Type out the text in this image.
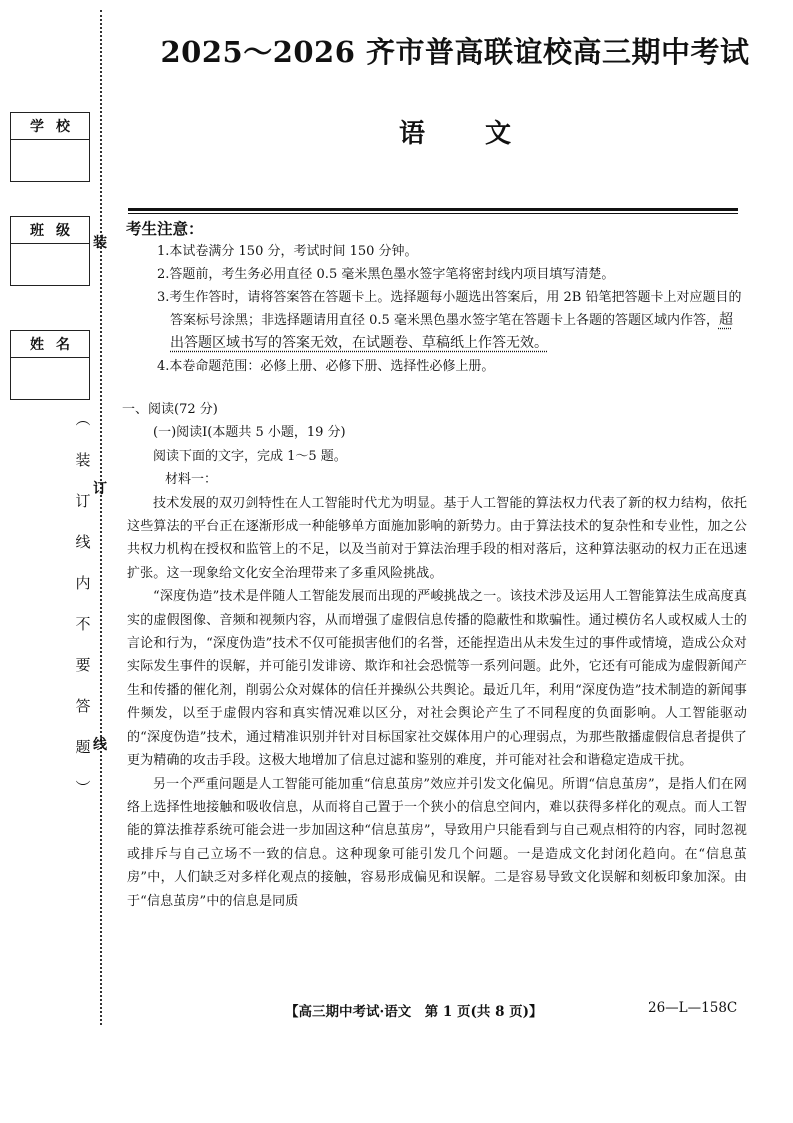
学校
班级
姓名
装
订
线
︵
装
订
线
内
不
要
答
题
︶
2025～2026 齐市普高联谊校高三期中考试
语文
考生注意：

1.本试卷满分 150 分，考试时间 150 分钟。

2.答题前，考生务必用直径 0.5 毫米黑色墨水签字笔将密封线内项目填写清楚。

3.考生作答时，请将答案答在答题卡上。选择题每小题选出答案后，用 2B 铅笔把答题卡上对应题目的答案标号涂黑；非选择题请用直径 0.5 毫米黑色墨水签字笔在答题卡上各题的答题区域内作答，超出答题区域书写的答案无效，在试题卷、草稿纸上作答无效。

4.本卷命题范围：必修上册、必修下册、选择性必修上册。

一、阅读(72 分)
(一)阅读Ⅰ(本题共 5 小题，19 分)
阅读下面的文字，完成 1～5 题。
材料一：

技术发展的双刃剑特性在人工智能时代尤为明显。基于人工智能的算法权力代表了新的权力结构，依托这些算法的平台正在逐渐形成一种能够单方面施加影响的新势力。由于算法技术的复杂性和专业性，加之公共权力机构在授权和监管上的不足，以及当前对于算法治理手段的相对落后，这种算法驱动的权力正在迅速扩张。这一现象给文化安全治理带来了多重风险挑战。

“深度伪造”技术是伴随人工智能发展而出现的严峻挑战之一。该技术涉及运用人工智能算法生成高度真实的虚假图像、音频和视频内容，从而增强了虚假信息传播的隐蔽性和欺骗性。通过模仿名人或权威人士的言论和行为，“深度伪造”技术不仅可能损害他们的名誉，还能捏造出从未发生过的事件或情境，造成公众对实际发生事件的误解，并可能引发诽谤、欺诈和社会恐慌等一系列问题。此外，它还有可能成为虚假新闻产生和传播的催化剂，削弱公众对媒体的信任并操纵公共舆论。最近几年，利用“深度伪造”技术制造的新闻事件频发，以至于虚假内容和真实情况难以区分，对社会舆论产生了不同程度的负面影响。人工智能驱动的“深度伪造”技术，通过精准识别并针对目标国家社交媒体用户的心理弱点，为那些散播虚假信息者提供了更为精确的攻击手段。这极大地增加了信息过滤和鉴别的难度，并可能对社会和谐稳定造成干扰。

另一个严重问题是人工智能可能加重“信息茧房”效应并引发文化偏见。所谓“信息茧房”，是指人们在网络上选择性地接触和吸收信息，从而将自己置于一个狭小的信息空间内，难以获得多样化的观点。而人工智能的算法推荐系统可能会进一步加固这种“信息茧房”，导致用户只能看到与自己观点相符的内容，同时忽视或排斥与自己立场不一致的信息。这种现象可能引发几个问题。一是造成文化封闭化趋向。在“信息茧房”中，人们缺乏对多样化观点的接触，容易形成偏见和误解。二是容易导致文化误解和刻板印象加深。由于“信息茧房”中的信息是同质

【高三期中考试·语文　第 1 页(共 8 页)】	26—L—158C
